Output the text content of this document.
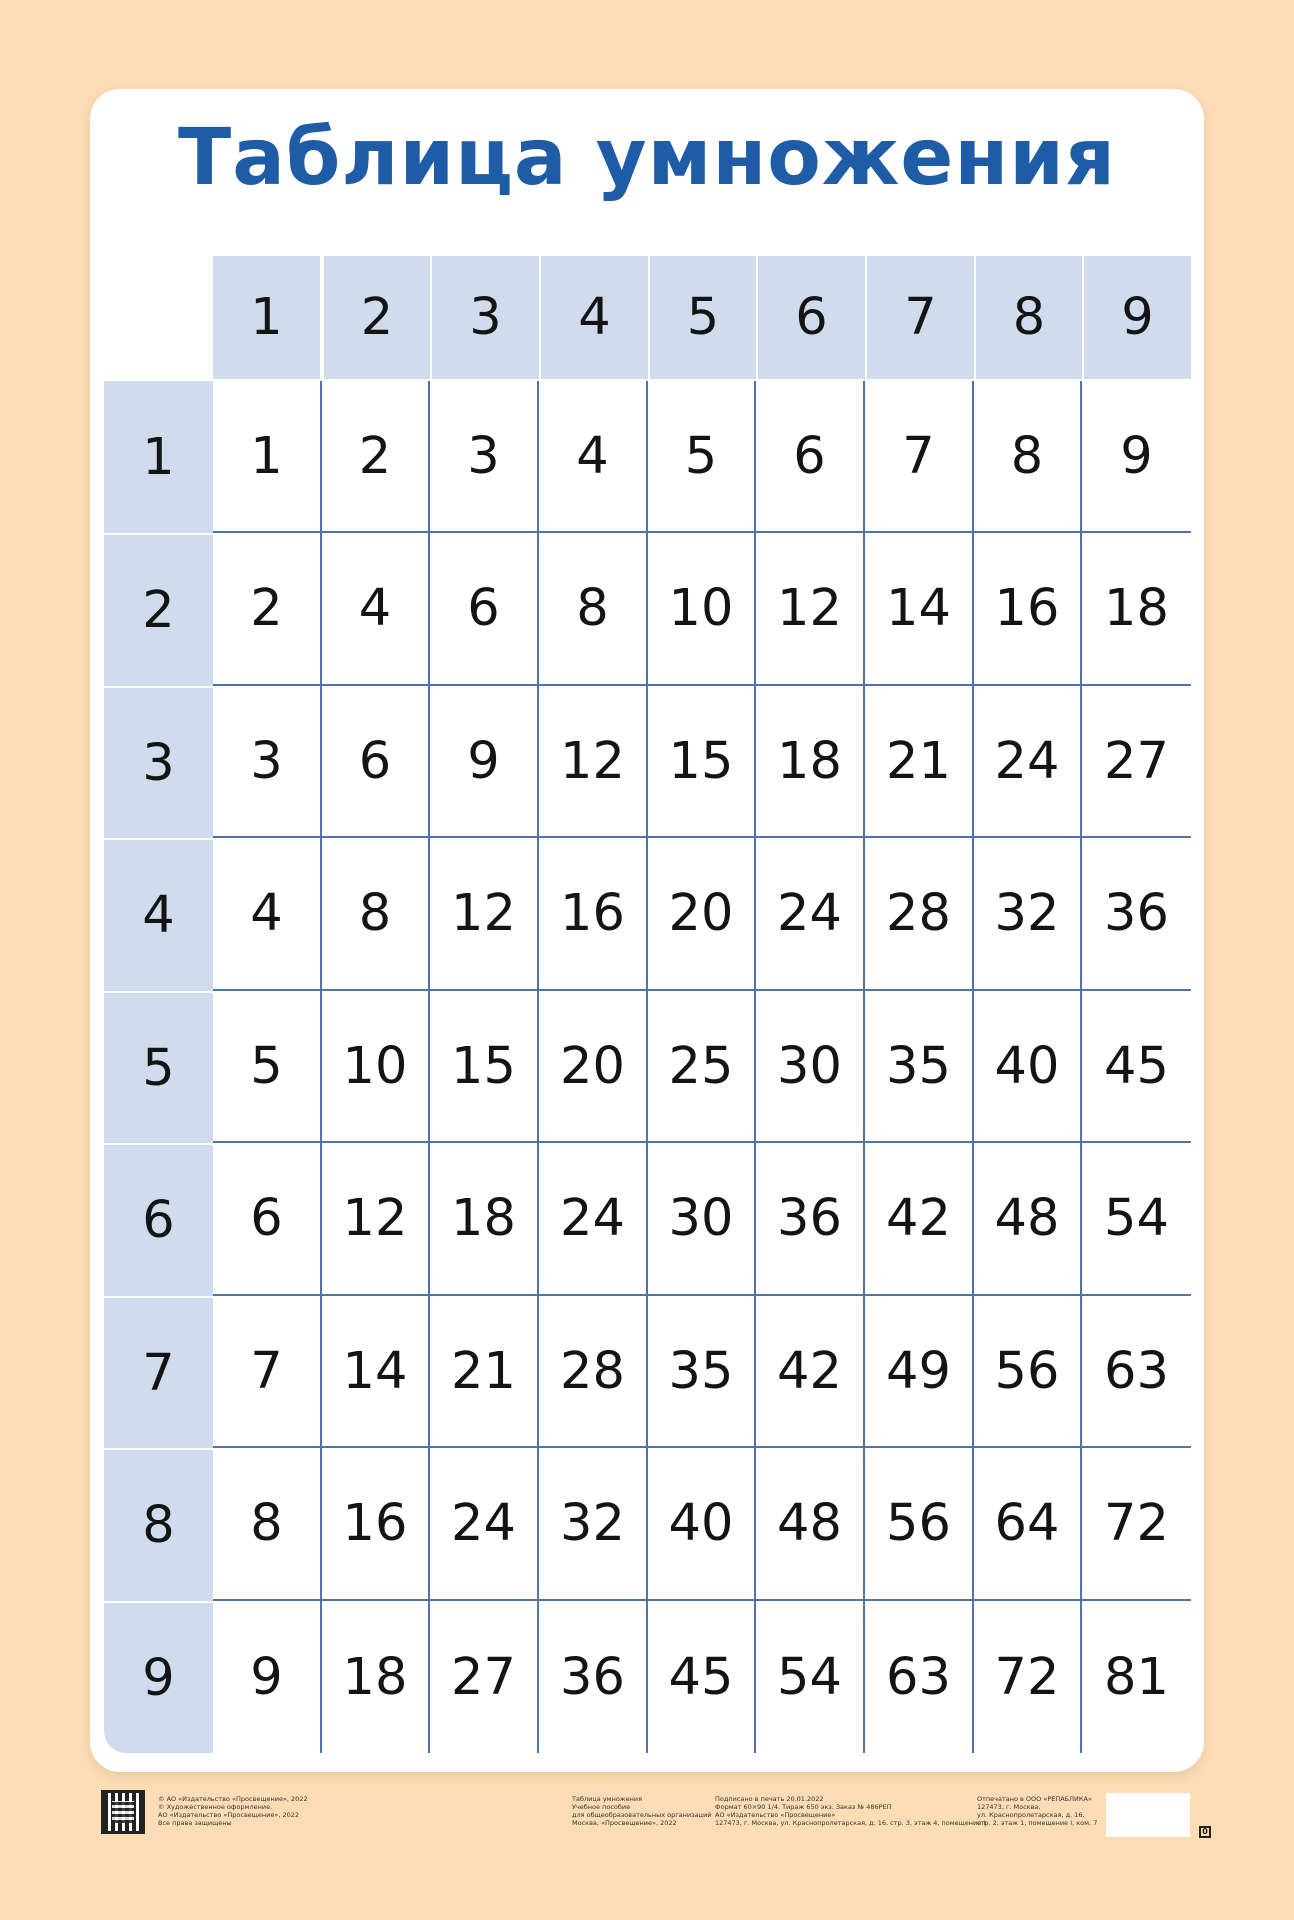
Таблица умножения
1	2	3	4	5	6	7	8	9
1	1	2	3	4	5	6	7	8	9
2	2	4	6	8	10 12 14 16 18
3	3	6	9	12 15 18 21 24 27
4	4	8	12 16 20 24 28 32 36
5	5	10 15 20 25 30 35 40 45
6	6	12 18 24 30 36 42 48 54
7	7	14 21 28 35 42 49 56 63
8	8	16 24 32 40 48 56 64 72
9	9	18 27 36 45 54 63 72 81
© АО «Издательство «Просвещение», 2022
© Художественное оформление.
АО «Издательство «Просвещение», 2022
Все права защищены
Таблица умножения
Учебное пособие
для общеобразовательных организаций
Москва, «Просвещение», 2022
Подписано в печать 20.01.2022
Формат 60×90 1/4. Тираж 650 экз. Заказ № 486РЕП
АО «Издательство «Просвещение»
127473, г. Москва, ул. Краснопролетарская, д. 16, стр. 3, этаж 4, помещение I
Отпечатано в ООО «РЕПАБЛИКА»
127473, г. Москва,
ул. Краснопролетарская, д. 16,
стр. 2, этаж 1, помещение I, ком. 7
0
